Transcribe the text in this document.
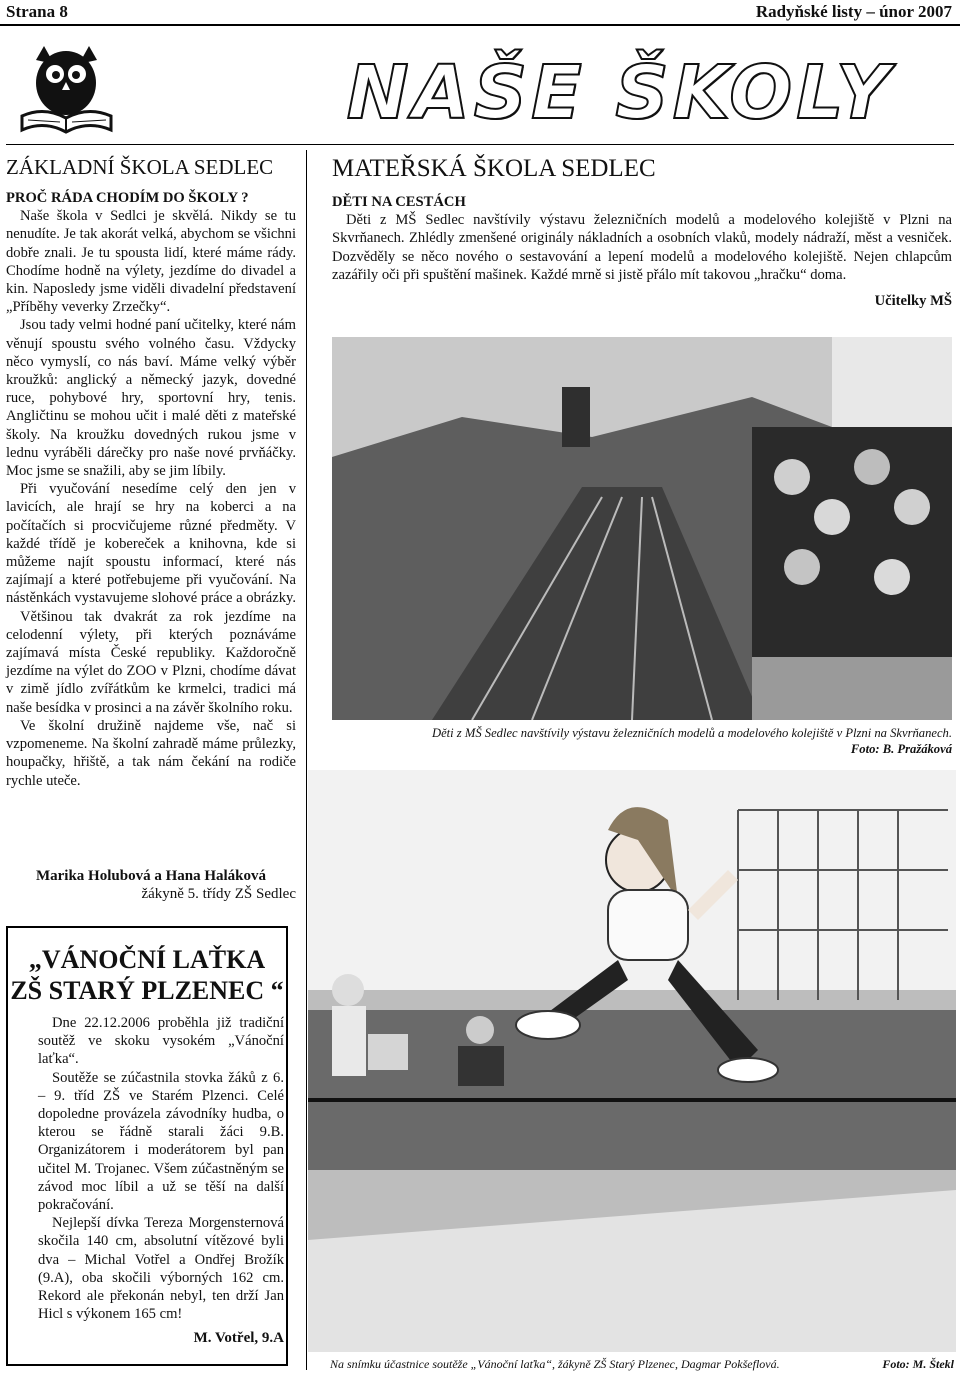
Strana 8	Radyňské listy – únor 2007
NAŠE ŠKOLY
ZÁKLADNÍ ŠKOLA SEDLEC
PROČ RÁDA CHODÍM DO ŠKOLY ?

Naše škola v Sedlci je skvělá. Nikdy se tu nenudíte. Je tak akorát velká, abychom se všichni dobře znali. Je tu spousta lidí, které máme rády. Chodíme hodně na výlety, jezdíme do divadel a kin. Naposledy jsme viděli divadelní představení „Příběhy veverky Zrzečky“.

Jsou tady velmi hodné paní učitelky, které nám věnují spoustu svého volného času. Vždycky něco vymyslí, co nás baví. Máme velký výběr kroužků: anglický a německý jazyk, dovedné ruce, pohybové hry, sportovní hry, tenis. Angličtinu se mohou učit i malé děti z mateřské školy. Na kroužku dovedných rukou jsme v lednu vyráběli dárečky pro naše nové prvňáčky. Moc jsme se snažili, aby se jim líbily.

Při vyučování nesedíme celý den jen v lavicích, ale hrají se hry na koberci a na počítačích si procvičujeme různé předměty. V každé třídě je kobereček a knihovna, kde si můžeme najít spoustu informací, které nás zajímají a které potřebujeme při vyučování. Na nástěnkách vystavujeme slohové práce a obrázky.

Většinou tak dvakrát za rok jezdíme na celodenní výlety, při kterých poznáváme zajímavá místa České republiky. Každoročně jezdíme na výlet do ZOO v Plzni, chodíme dávat v zimě jídlo zvířátkům ke krmelci, tradici má naše besídka v prosinci a na závěr školního roku.

Ve školní družině najdeme vše, nač si vzpomeneme. Na školní zahradě máme průlezky, houpačky, hřiště, a tak nám čekání na rodiče rychle uteče.

Marika Holubová a Hana Haláková
žákyně 5. třídy ZŠ Sedlec
„VÁNOČNÍ LAŤKA
ZŠ STARÝ PLZENEC “

Dne 22.12.2006 proběhla již tradiční soutěž ve skoku vysokém „Vánoční laťka“.

Soutěže se zúčastnila stovka žáků z 6. – 9. tříd ZŠ ve Starém Plzenci. Celé dopoledne provázela závodníky hudba, o kterou se řádně starali žáci 9.B. Organizátorem i moderátorem byl pan učitel M. Trojanec. Všem zúčastněným se závod moc líbil a už se těší na další pokračování.

Nejlepší dívka Tereza Morgensternová skočila 140 cm, absolutní vítězové byli dva – Michal Votřel a Ondřej Brožík (9.A), oba skočili výborných 162 cm. Rekord ale překonán nebyl, ten drží Jan Hicl s výkonem 165 cm!

M. Votřel, 9.A
MATEŘSKÁ ŠKOLA SEDLEC
DĚTI NA CESTÁCH

Děti z MŠ Sedlec navštívily výstavu železničních modelů a modelového kolejiště v Plzni na Skvrňanech. Zhlédly zmenšené originály nákladních a osobních vlaků, modely nádraží, měst a vesniček. Dozvěděly se něco nového o sestavování a lepení modelů a modelového kolejiště. Nejen chlapcům zazářily oči při spuštění mašinek. Každé mrně si jistě přálo mít takovou „hračku“ doma.

Učitelky MŠ
Děti z MŠ Sedlec navštívily výstavu železničních modelů a modelového kolejiště v Plzni na Skvrňanech.
Foto: B. Pražáková
Na snímku účastnice soutěže „Vánoční laťka“, žákyně ZŠ Starý Plzenec, Dagmar Pokšeflová.	Foto: M. Štekl
